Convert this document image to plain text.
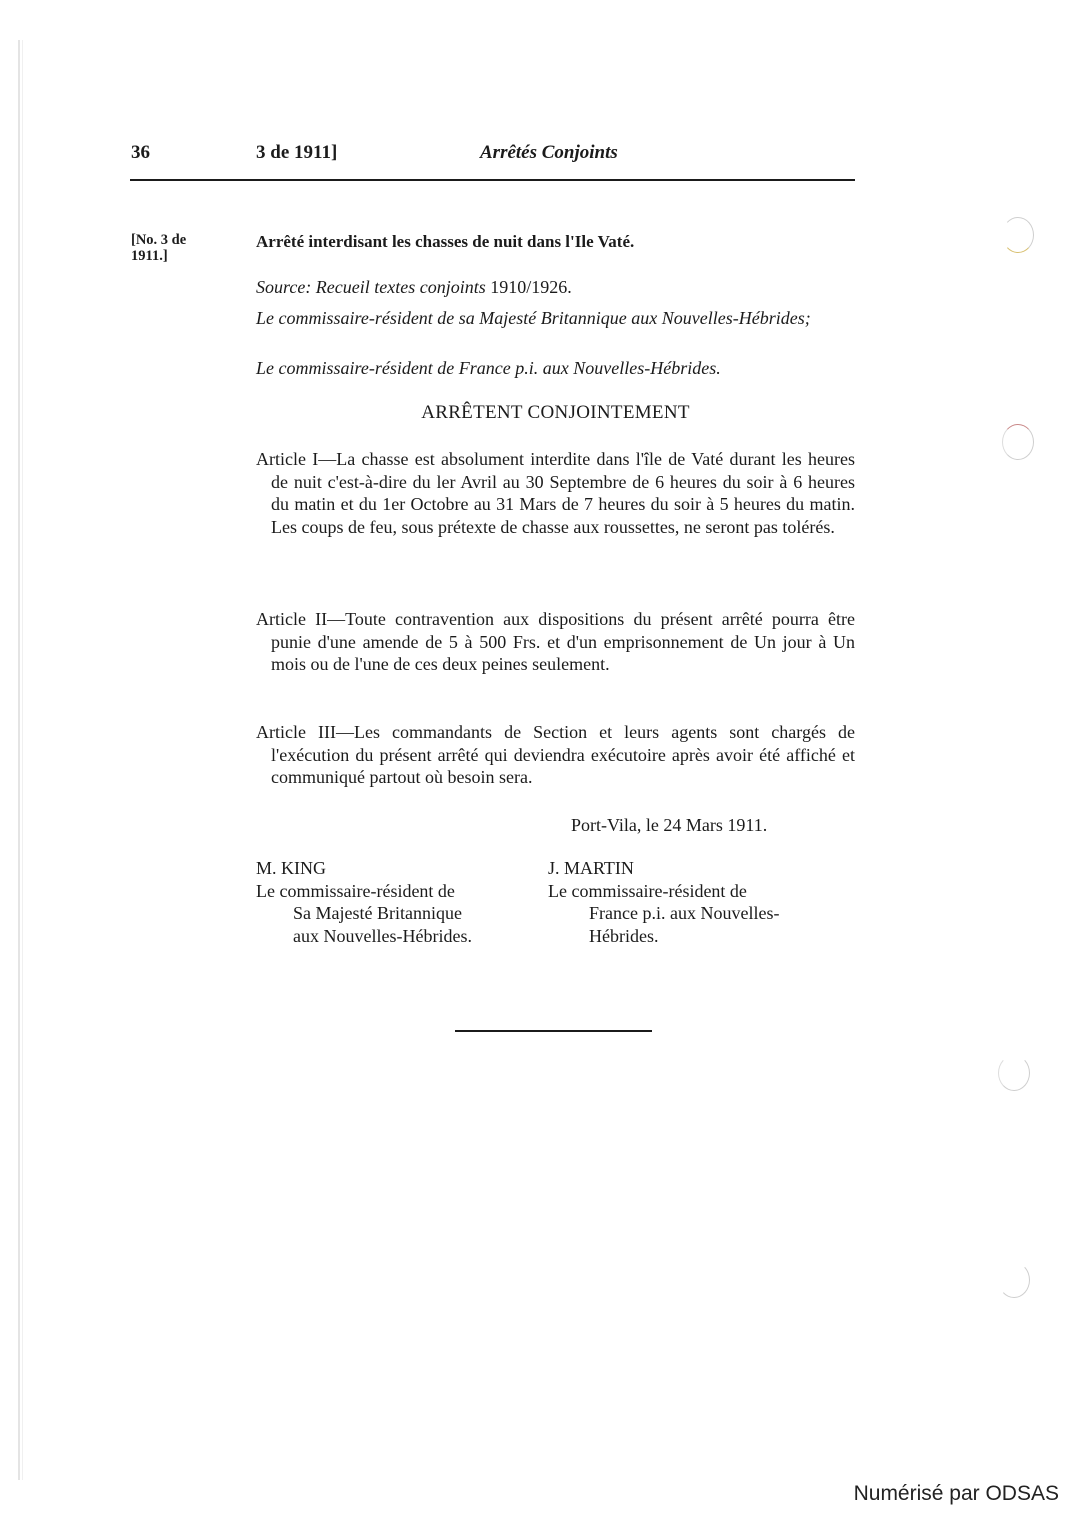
36	3 de 1911]	Arrêtés Conjoints
[No. 3 de
1911.]
Arrêté interdisant les chasses de nuit dans l'Ile Vaté.
Source: Recueil textes conjoints 1910/1926.
Le commissaire-résident de sa Majesté Britannique aux Nouvelles-Hébrides;
Le commissaire-résident de France p.i. aux Nouvelles-Hébrides.
ARRÊTENT CONJOINTEMENT
Article I—La chasse est absolument interdite dans l'île de Vaté durant les heures de nuit c'est-à-dire du ler Avril au 30 Septembre de 6 heures du soir à 6 heures du matin et du 1er Octobre au 31 Mars de 7 heures du soir à 5 heures du matin. Les coups de feu, sous prétexte de chasse aux roussettes, ne seront pas tolérés.
Article II—Toute contravention aux dispositions du présent arrêté pourra être punie d'une amende de 5 à 500 Frs. et d'un emprisonnement de Un jour à Un mois ou de l'une de ces deux peines seulement.
Article III—Les commandants de Section et leurs agents sont chargés de l'exécution du présent arrêté qui deviendra exécutoire après avoir été affiché et communiqué partout où besoin sera.
Port-Vila, le 24 Mars 1911.
M. KING
Le commissaire-résident de
Sa Majesté Britannique
aux Nouvelles-Hébrides.
J. MARTIN
Le commissaire-résident de
France p.i. aux Nouvelles-
Hébrides.
Numérisé par ODSAS
